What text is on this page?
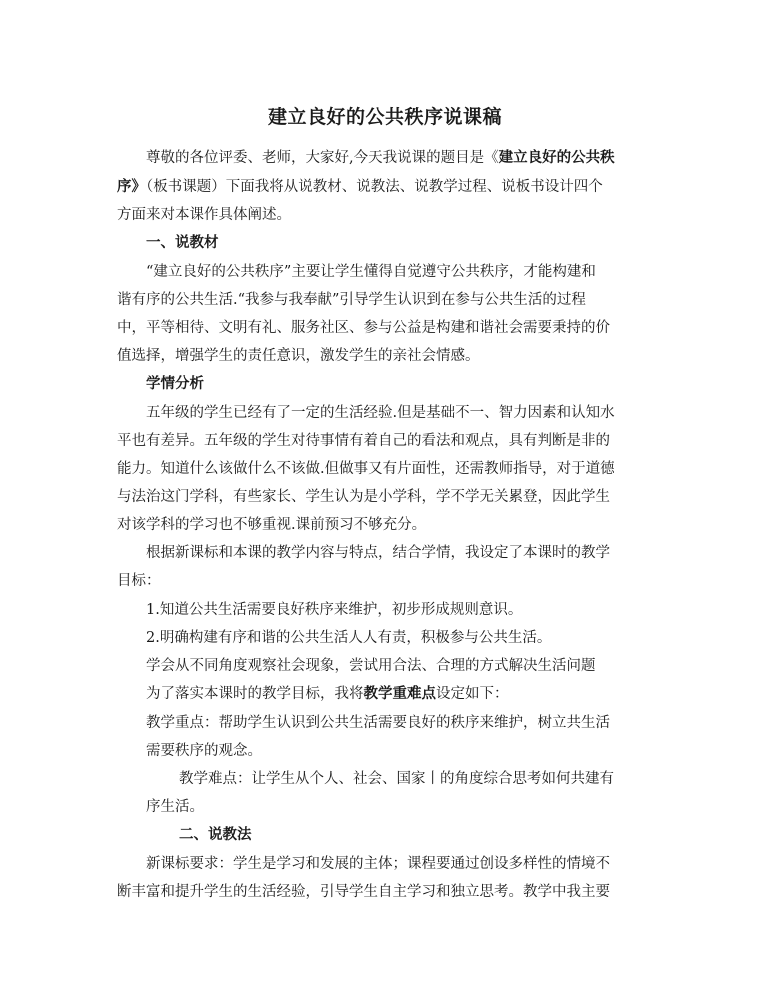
建立良好的公共秩序说课稿
尊敬的各位评委、老师，大家好,今天我说课的题目是《建立良好的公共秩
序》（板书课题）下面我将从说教材、说教法、说教学过程、说板书设计四个
方面来对本课作具体阐述。
一、说教材
“建立良好的公共秩序”主要让学生懂得自觉遵守公共秩序，才能构建和
谐有序的公共生活.“我参与我奉献”引导学生认识到在参与公共生活的过程
中，平等相待、文明有礼、服务社区、参与公益是构建和谐社会需要秉持的价
值选择，增强学生的责任意识，激发学生的亲社会情感。
学情分析
五年级的学生已经有了一定的生活经验.但是基础不一、智力因素和认知水
平也有差异。五年级的学生对待事情有着自己的看法和观点，具有判断是非的
能力。知道什么该做什么不该做.但做事又有片面性，还需教师指导，对于道德
与法治这门学科，有些家长、学生认为是小学科，学不学无关累登，因此学生
对该学科的学习也不够重视.课前预习不够充分。
根据新课标和本课的教学内容与特点，结合学情，我设定了本课时的教学
目标：
1.知道公共生活需要良好秩序来维护，初步形成规则意识。
2.明确构建有序和谐的公共生活人人有责，积极参与公共生活。
学会从不同角度观察社会现象，尝试用合法、合理的方式解决生活问题
为了落实本课时的教学目标，我将教学重难点设定如下：
教学重点：帮助学生认识到公共生活需要良好的秩序来维护，树立共生活
需要秩序的观念。
教学难点：让学生从个人、社会、国家丨的角度综合思考如何共建有
序生活。
二、说教法
新课标要求：学生是学习和发展的主体；课程要通过创设多样性的情境不
断丰富和提升学生的生活经验，引导学生自主学习和独立思考。教学中我主要
